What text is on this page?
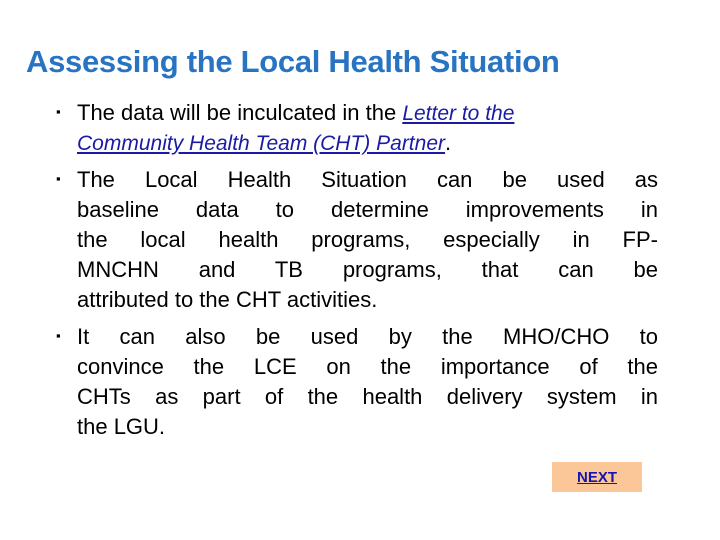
Assessing the Local Health Situation
▪ The data will be inculcated in the Letter to the
Community Health Team (CHT) Partner.
▪ The Local Health Situation can be used as
baseline data to determine improvements in
the local health programs, especially in FP-
MNCHN and TB programs, that can be
attributed to the CHT activities.
▪ It can also be used by the MHO/CHO to
convince the LCE on the importance of the
CHTs as part of the health delivery system in
the LGU.
NEXT
